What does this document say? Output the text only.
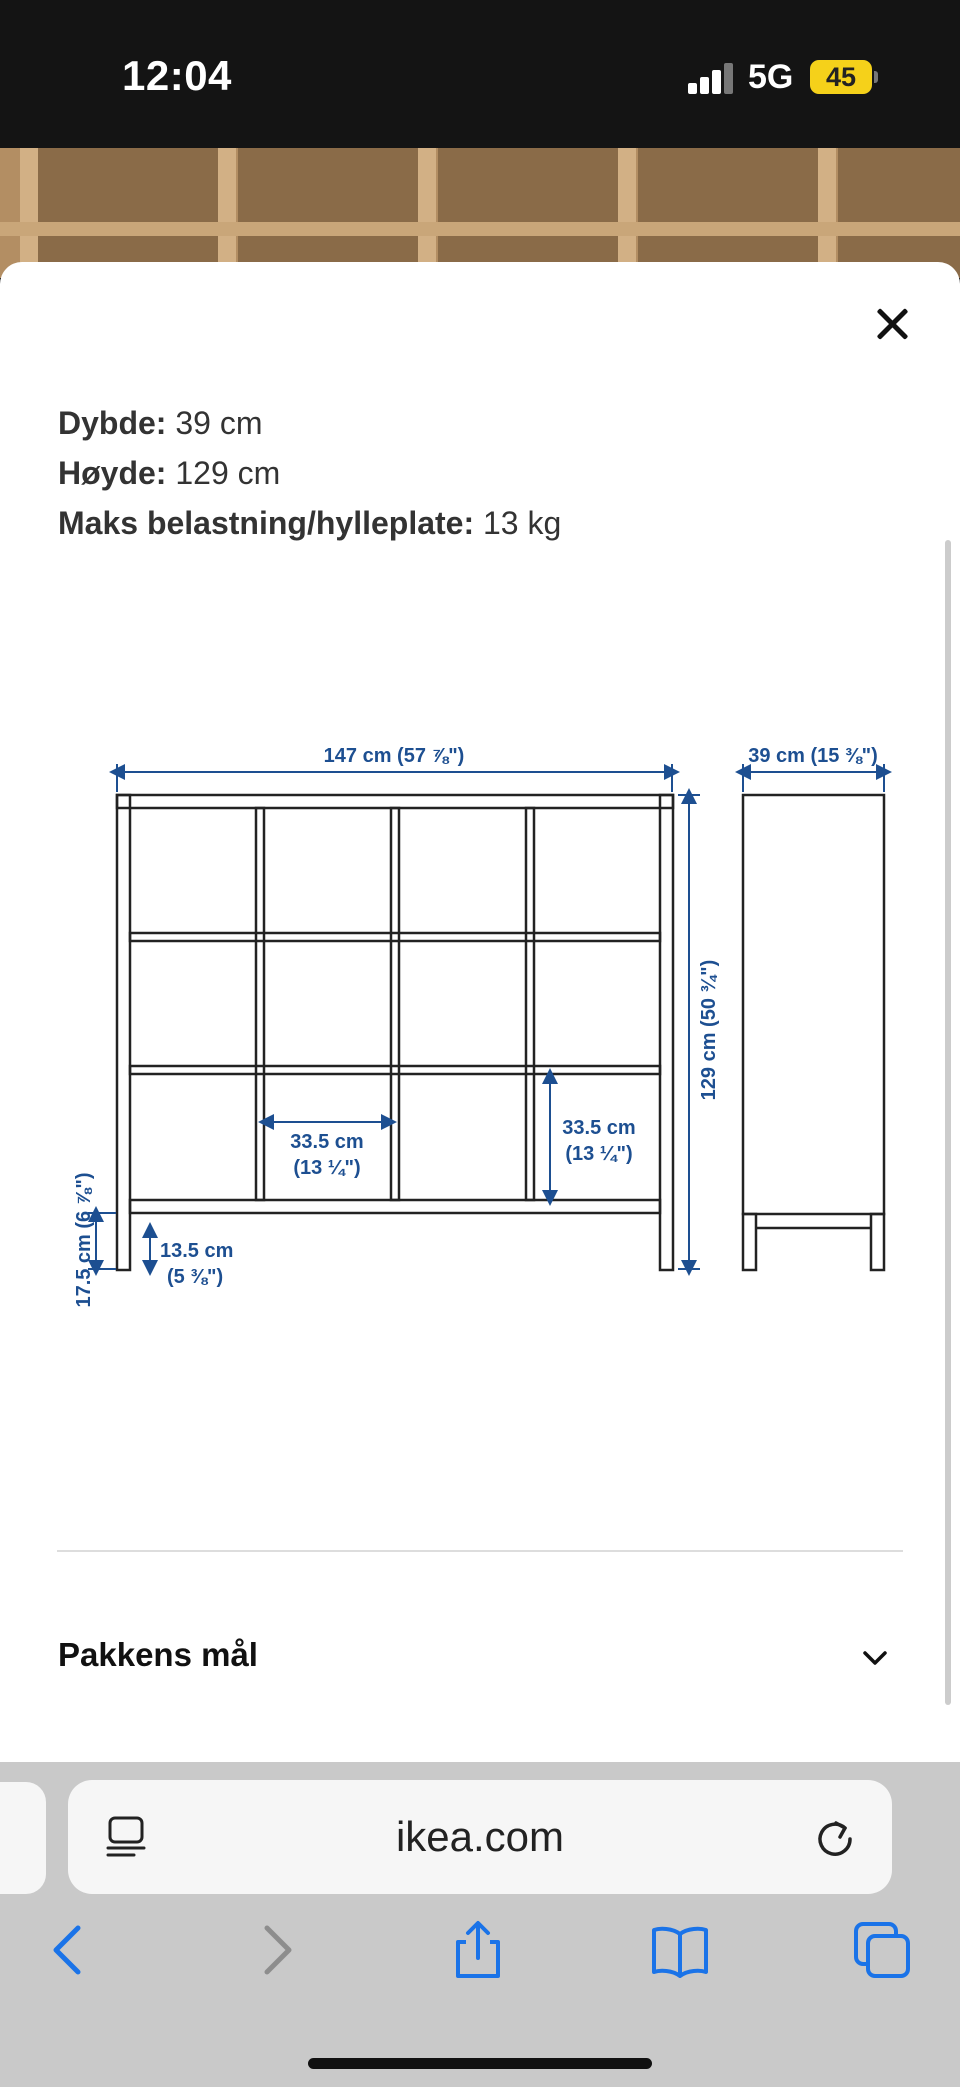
12:04	5G	45
Dybde: 39 cm
Høyde: 129 cm
Maks belastning/hylleplate: 13 kg
147 cm (57 ⅞")	39 cm (15 ⅜")
129 cm (50 ¾")
33.5 cm
(13 ¼")
33.5 cm
(13 ¼")
17.5 cm (6 ⅞")	13.5 cm
(5 ⅜")
Pakkens mål
ikea.com
